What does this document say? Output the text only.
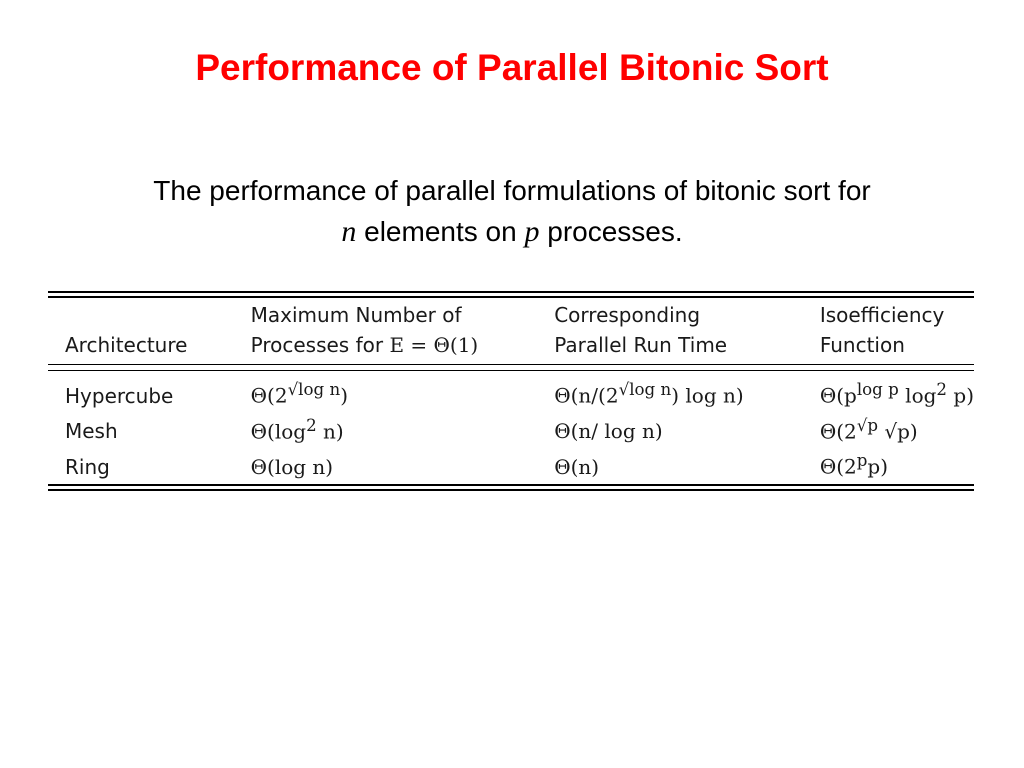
Performance of Parallel Bitonic Sort
The performance of parallel formulations of bitonic sort for
n elements on p processes.
	Maximum Number of	Corresponding	Isoefficiency
Architecture	Processes for E = Θ(1)	Parallel Run Time	Function

Hypercube	$\Theta(2^{√log n})$	$\Theta(n/(2^{√log n})$ log n)	$\Theta(p^{log p}$ $\log^2 p$)
Mesh	$\Theta(\log^2$ n)	Θ(n/ log n)	$\Theta(2^{√p}$ √p)
Ring	Θ(log n)	Θ(n)	Θ(2$^p$p)
